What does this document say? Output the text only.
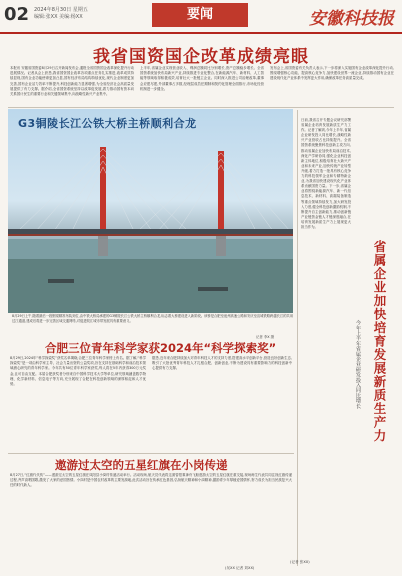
02 2024年8月30日 星期五
编辑:张XX 美编:杨XX	要闻	安徽科技报
我省国资国企改革成绩亮眼
本报讯 安徽省国资委8月29日召开新闻发布会,通报全省国资国企改革深化提升行动进展情况。记者从会上获悉,我省国资国企改革各项重点任务扎实推进,改革成效持续显现,国有企业功能使命更加凸显,国有经济布局结构持续优化,现代企业制度更加完善,国有企业活力效率不断提升,科技创新能力显著增强,为全省经济社会高质量发展提供了有力支撑。据介绍,全省国资系统坚持以改革促发展,着力推动国有资本向关系国计民生的重要行业和关键领域集中,向战略性新兴产业集中。
上半年,省属企业实现营业收入、利润总额同比分别增长,资产总额稳步增长。全省国资系统加快布局新兴产业,持续推进专业化整合,在新能源汽车、新材料、人工智能等领域取得积极成效,培育壮大一批链主企业。同时深入推进公司治理改革,董事会应建尽建,外部董事占多数,经理层成员任期制和契约化管理全面推行,市场化经营机制进一步健全。
发布会上,省国资委有关负责人表示,下一步将深入实施国有企业改革深化提升行动,围绕增强核心功能、提高核心竞争力,加快建设世界一流企业,持续推动国有企业在建设现代化产业体系中发挥更大作用,确保改革任务高质量完成。
G3铜陵长江公铁大桥主桥顺利合龙
8月29日上午,随着最后一段钢梁精准吊装到位,由中铁大桥局承建的G3铜陵长江公铁大桥主桥顺利合龙,标志着大桥建设进入新阶段。该桥是合肥至池州高速公路和安庆至宣城铁路跨越长江的共用过江通道,建成后将进一步完善区域交通网络,对促进皖江城市带发展具有重要意义。
记者 李X 摄
合肥三位青年科学家获2024年“科学探索奖”
8月29日,2024年“科学探索奖”获奖名单揭晓,合肥三位青年科学家榜上有名。据了解,“科学探索奖”是一项由科学家主导、社会力量出资的公益奖项,旨在支持在基础科学和前沿技术领域潜心研究的青年科学家。今年共有50位青年科学家获奖,每人将在5年内获得300万元奖金,且可自由支配。本届合肥获奖者分别来自中国科学技术大学等单位,研究领域涵盖数学物理、化学新材料、信息电子等方向,充分展现了合肥在科技创新领域的深厚积淀和人才优势。
据悉,近年来合肥持续加大对青年科技人才的支持力度,搭建高水平创新平台,营造良好创新生态,吸引了大批优秀青年科技人才扎根合肥、创新创业,不断为建设具有重要影响力的科技创新中心提供有力支撑。
遨游过太空的五星红旗在小岗传递
8月27日,“红旗代代传”——遨游过太空的五星红旗在凤阳县小岗村传递活动举行。活动现场,航天员代表将这面曾搭乘神舟飞船遨游太空的五星红旗庄重交接,现场师生代表共同注视红旗传递过程,齐声高唱国歌,激发了大家的爱国热情。小岗村是中国农村改革的主要发源地,此次活动旨在传承红色基因,弘扬航天精神和小岗精神,激励青少年厚植爱国情怀,努力成长为担当民族复兴大任的时代新人。
(吴XX 记者 刘XX)
日前,我省召开专题会议研究部署省属企业培育发展新质生产力工作。记者了解到,今年上半年,省属企业研发投入同比增长,战略性新兴产业营收占比持续提升。全省国资系统聚焦科技创新主攻方向,推动省属企业加快布局前沿技术,深化产学研协同,强化企业科技创新主体地位,积极培育壮大新兴产业和未来产业,加快传统产业转型升级,着力打造一批具有核心竞争力的科技领军企业和专精特新企业,为我省加快建设现代化产业体系贡献国资力量。下一步,省属企业将围绕新能源汽车、新一代信息技术、新材料、高端装备制造等重点领域持续发力,加大研发投入力度,健全科技创新激励机制,不断提升自主创新能力,推动创新链产业链资金链人才链深度融合,在培育发展新质生产力上展现更大担当作为。
今年上半年省属企业研发投入同比增长 省属企业加快培育发展新质生产力
(记者 张XX)
